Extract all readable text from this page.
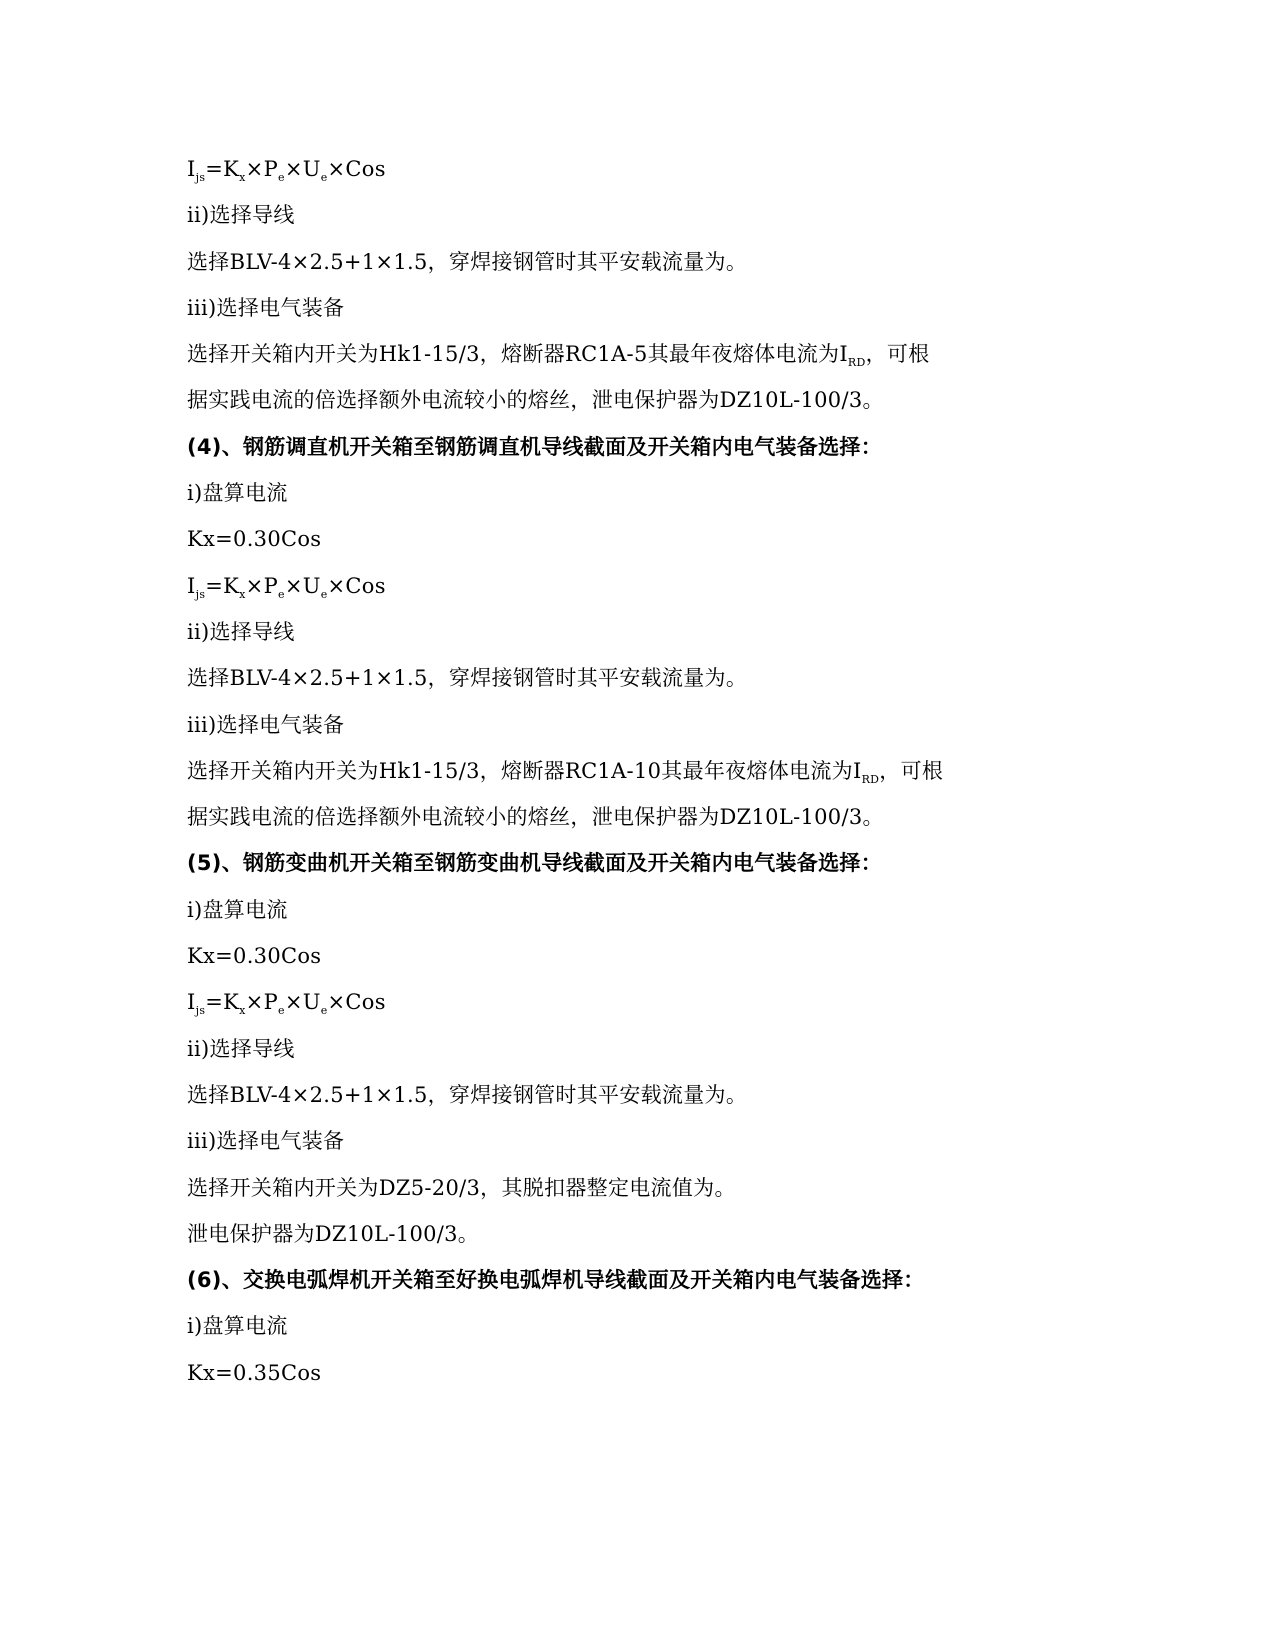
$I_{js}=K_x\times P_e\times U_e\times Cos$
ii)选择导线
选择BLV-4×2.5+1×1.5，穿焊接钢管时其平安载流量为。
iii)选择电气装备
选择开关箱内开关为Hk1-15/3，熔断器RC1A-5其最年夜熔体电流为$I_{RD}$，可根
据实践电流的倍选择额外电流较小的熔丝，泄电保护器为DZ10L-100/3。
(4)、钢筋调直机开关箱至钢筋调直机导线截面及开关箱内电气装备选择：
i)盘算电流
Kx=0.30Cos
$I_{js}=K_x\times P_e\times U_e\times Cos$
ii)选择导线
选择BLV-4×2.5+1×1.5，穿焊接钢管时其平安载流量为。
iii)选择电气装备
选择开关箱内开关为Hk1-15/3，熔断器RC1A-10其最年夜熔体电流为$I_{RD}$，可根
据实践电流的倍选择额外电流较小的熔丝，泄电保护器为DZ10L-100/3。
(5)、钢筋变曲机开关箱至钢筋变曲机导线截面及开关箱内电气装备选择：
i)盘算电流
Kx=0.30Cos
$I_{js}=K_x\times P_e\times U_e\times Cos$
ii)选择导线
选择BLV-4×2.5+1×1.5，穿焊接钢管时其平安载流量为。
iii)选择电气装备
选择开关箱内开关为DZ5-20/3，其脱扣器整定电流值为。
泄电保护器为DZ10L-100/3。
(6)、交换电弧焊机开关箱至好换电弧焊机导线截面及开关箱内电气装备选择：
i)盘算电流
Kx=0.35Cos
